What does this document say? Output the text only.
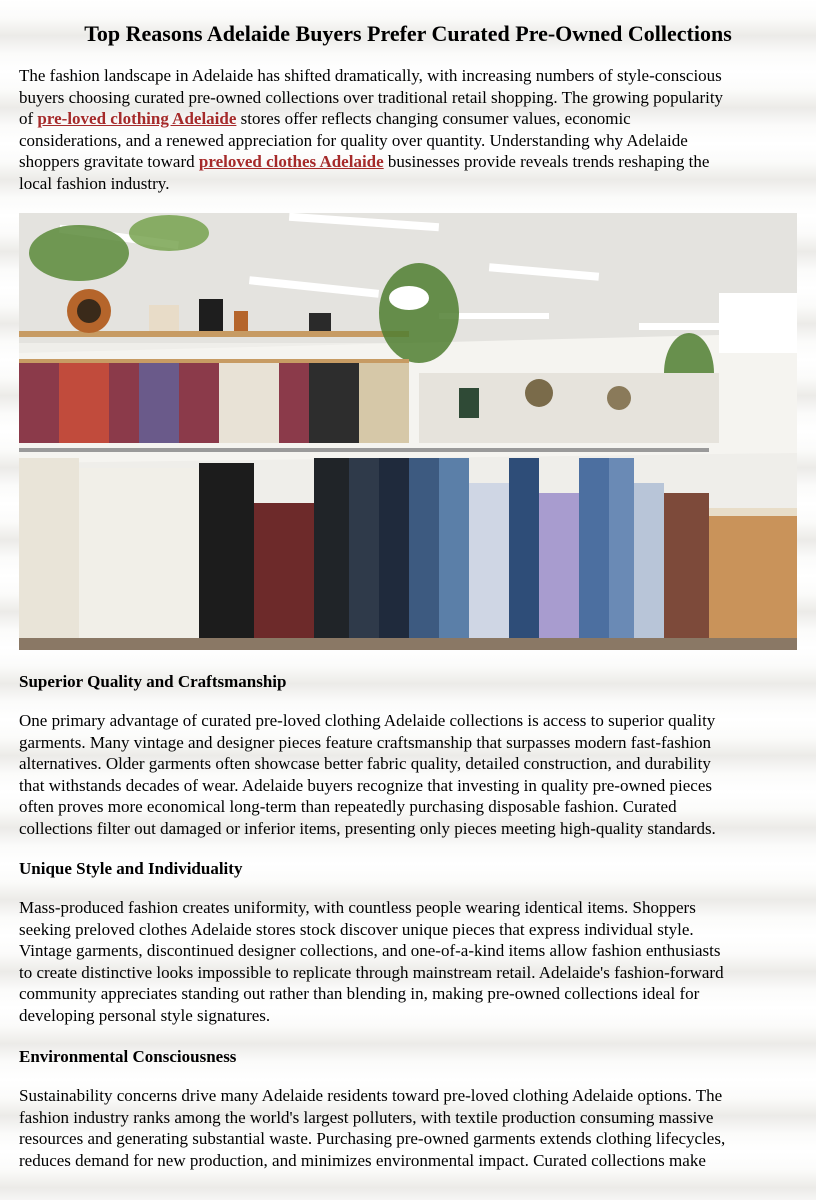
Top Reasons Adelaide Buyers Prefer Curated Pre-Owned Collections
The fashion landscape in Adelaide has shifted dramatically, with increasing numbers of style-conscious
buyers choosing curated pre-owned collections over traditional retail shopping. The growing popularity
of pre-loved clothing Adelaide stores offer reflects changing consumer values, economic
considerations, and a renewed appreciation for quality over quantity. Understanding why Adelaide
shoppers gravitate toward preloved clothes Adelaide businesses provide reveals trends reshaping the
local fashion industry.
Superior Quality and Craftsmanship
One primary advantage of curated pre-loved clothing Adelaide collections is access to superior quality
garments. Many vintage and designer pieces feature craftsmanship that surpasses modern fast-fashion
alternatives. Older garments often showcase better fabric quality, detailed construction, and durability
that withstands decades of wear. Adelaide buyers recognize that investing in quality pre-owned pieces
often proves more economical long-term than repeatedly purchasing disposable fashion. Curated
collections filter out damaged or inferior items, presenting only pieces meeting high-quality standards.
Unique Style and Individuality
Mass-produced fashion creates uniformity, with countless people wearing identical items. Shoppers
seeking preloved clothes Adelaide stores stock discover unique pieces that express individual style.
Vintage garments, discontinued designer collections, and one-of-a-kind items allow fashion enthusiasts
to create distinctive looks impossible to replicate through mainstream retail. Adelaide's fashion-forward
community appreciates standing out rather than blending in, making pre-owned collections ideal for
developing personal style signatures.
Environmental Consciousness
Sustainability concerns drive many Adelaide residents toward pre-loved clothing Adelaide options. The
fashion industry ranks among the world's largest polluters, with textile production consuming massive
resources and generating substantial waste. Purchasing pre-owned garments extends clothing lifecycles,
reduces demand for new production, and minimizes environmental impact. Curated collections make
